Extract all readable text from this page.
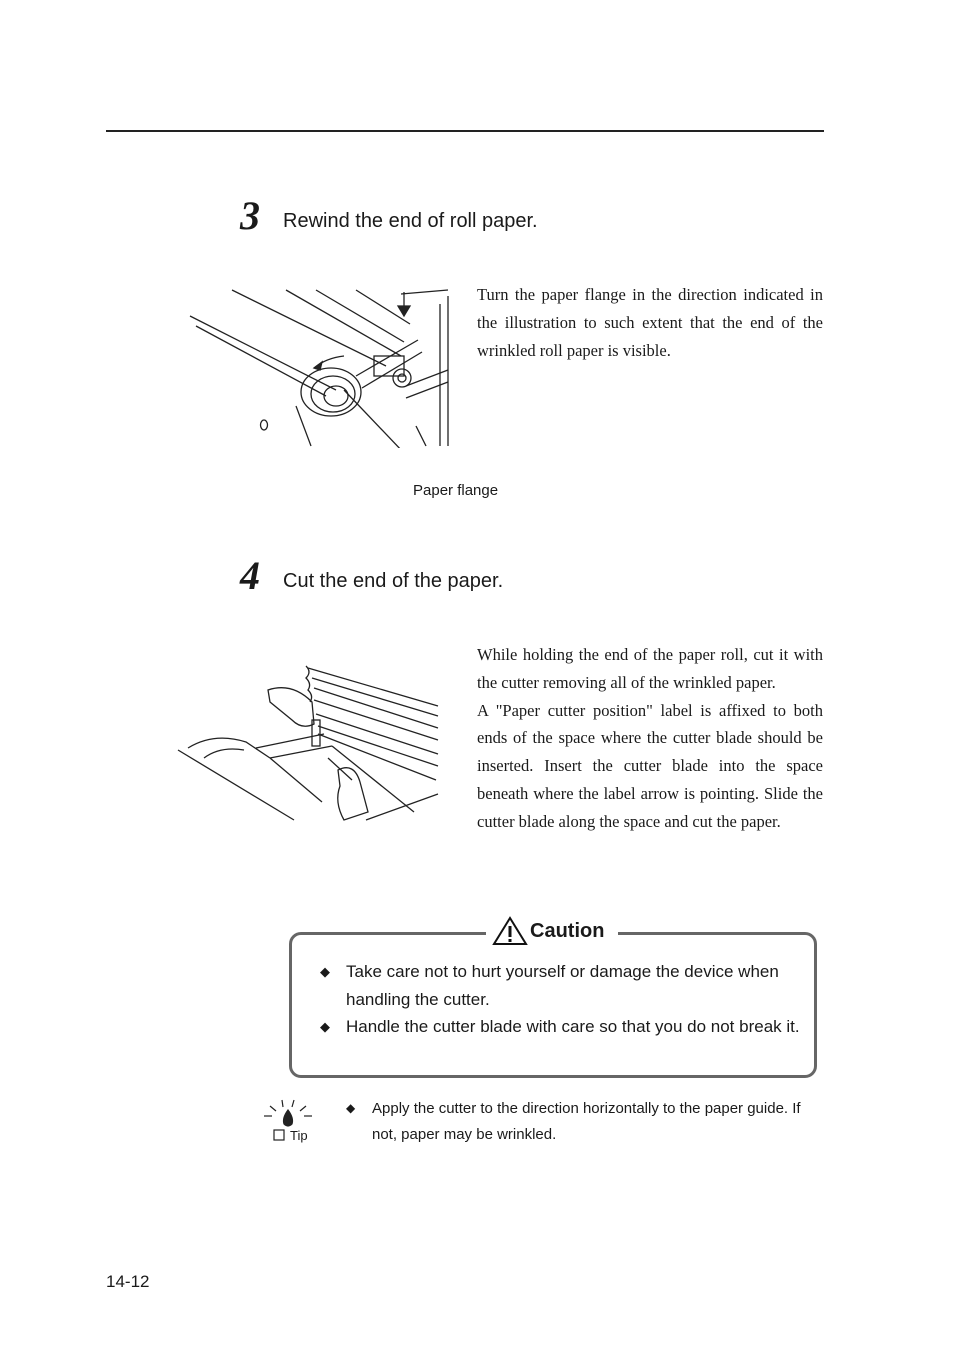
3 Rewind the end of roll paper.
Paper flange

Turn the paper flange in the direction indicated in the illustration to such extent that the end of the wrinkled roll paper is visible.

4 Cut the end of the paper.

While holding the end of the paper roll, cut it with the cutter removing all of the wrinkled paper.

A "Paper cutter position" label is affixed to both ends of the space where the cutter blade should be inserted. Insert the cutter blade into the space beneath where the label arrow is pointing. Slide the cutter blade along the space and cut the paper.

Caution
◆ Take care not to hurt yourself or damage the device when handling the cutter.
◆ Handle the cutter blade with care so that you do not break it.
Tip
◆ Apply the cutter to the direction horizontally to the paper guide. If not, paper may be wrinkled.
14-12
